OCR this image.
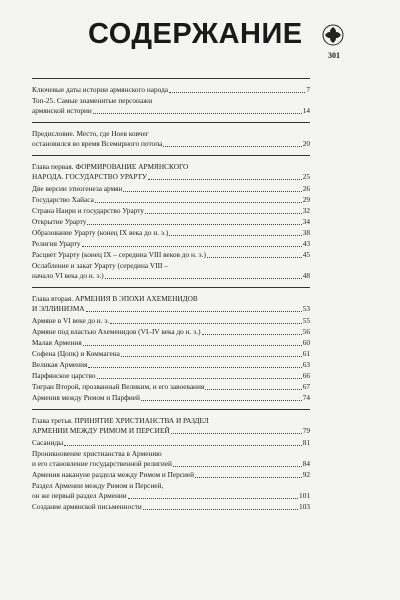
СОДЕРЖАНИЕ
301
Ключевые даты истории армянского народа	7
Топ-25. Самые знаменитые персонажи
армянской истории	14
Предисловие. Место, где Ноев ковчег
остановился во время Всемирного потопа	20
Глава первая. ФОРМИРОВАНИЕ АРМЯНСКОГО
НАРОДА. ГОСУДАРСТВО УРАРТУ	25
Две версии этногенеза армян	26
Государство Хайаса	29
Страна Наири и государство Урарту	32
Открытие Урарту	34
Образование Урарту (конец IX века до н. э.)	38
Религия Урарту	43
Расцвет Урарту (конец IX – середина VIII веков до н. э.)	45
Ослабление и закат Урарту (середина VIII –
начало VI века до н. э.)	48
Глава вторая. АРМЕНИЯ В ЭПОХИ АХЕМЕНИДОВ
И ЭЛЛИНИЗМА	53
Армяне в VI веке до н. э.	55
Армяне под властью Ахеменидов (VI–IV века до н. э.)	56
Малая Армения	60
Софена (Цопк) и Коммагена	61
Великая Армения	63
Парфянское царство	66
Тигран Второй, прозванный Великим, и его завоевания	67
Армения между Римом и Парфией	74
Глава третья. ПРИНЯТИЕ ХРИСТИАНСТВА И РАЗДЕЛ
АРМЕНИИ МЕЖДУ РИМОМ И ПЕРСИЕЙ	79
Сасаниды	81
Проникновение христианства в Армению
и его становление государственной религией	84
Армения накануне раздела между Римом и Персией	92
Раздел Армении между Римом и Персией,
он же первый раздел Армении	101
Создание армянской письменности	103
